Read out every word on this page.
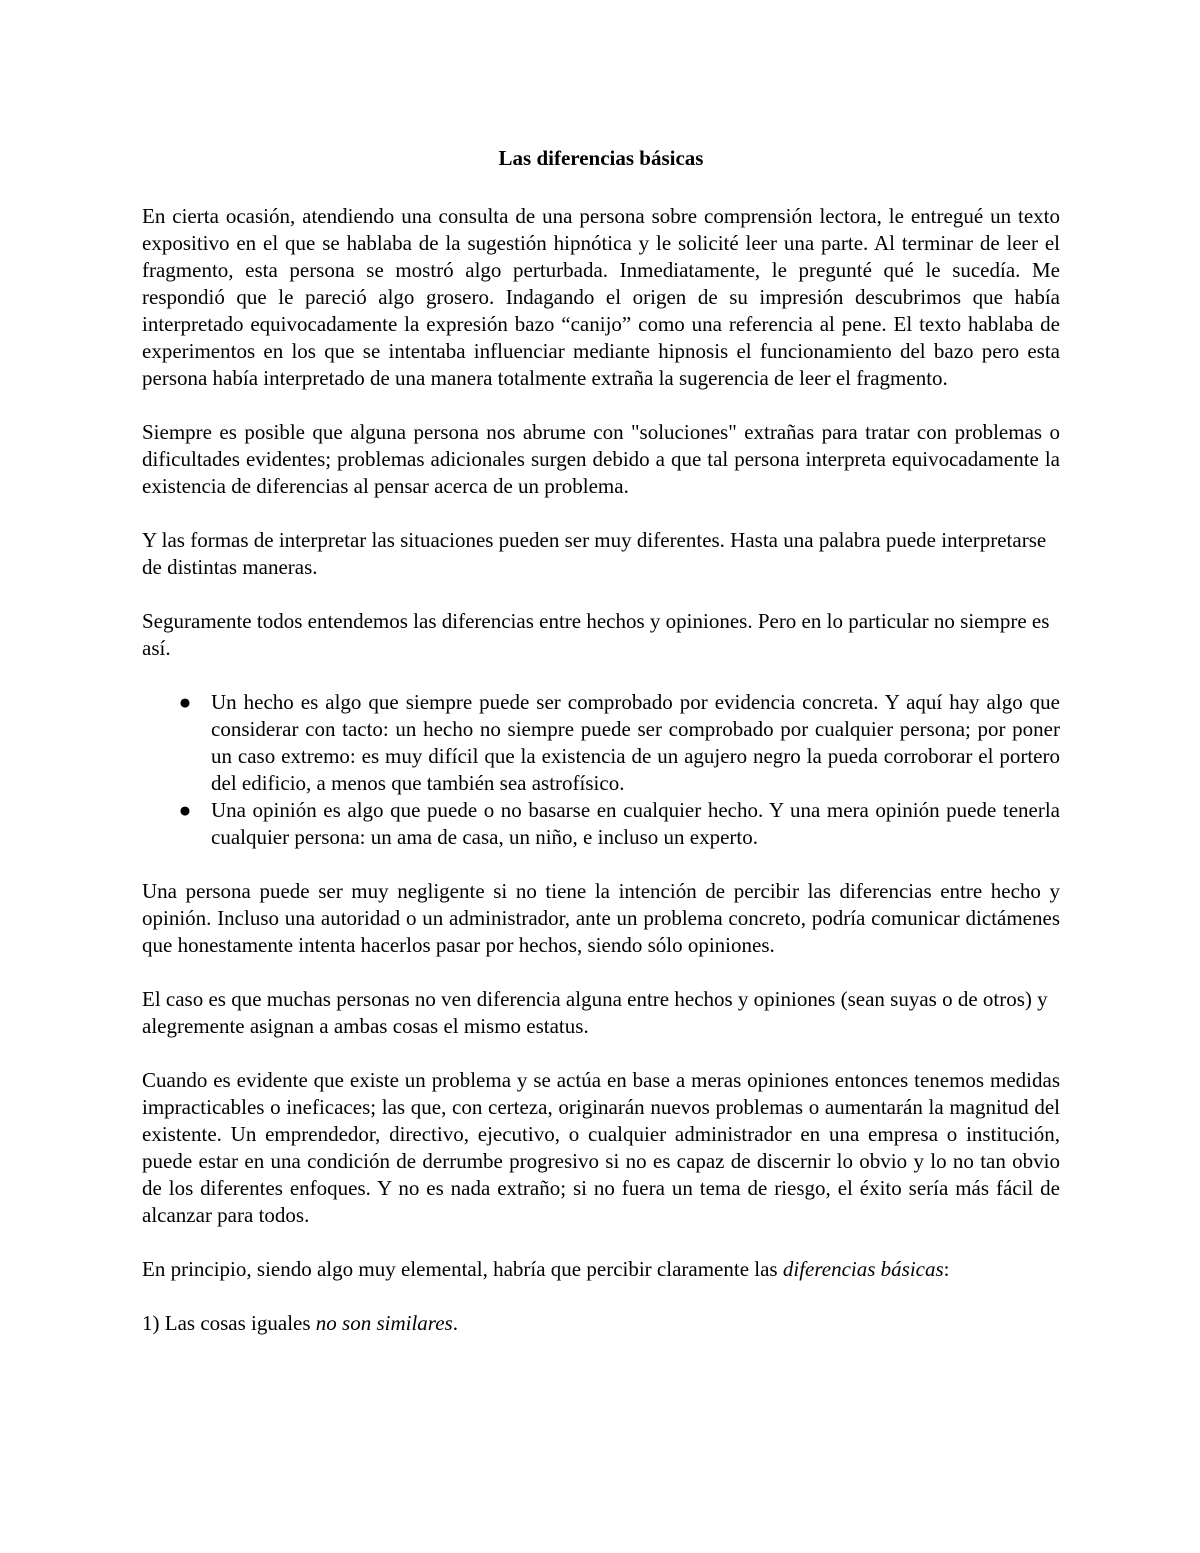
Las diferencias básicas

En cierta ocasión, atendiendo una consulta de una persona sobre comprensión lectora, le entregué un texto expositivo en el que se hablaba de la sugestión hipnótica y le solicité leer una parte. Al terminar de leer el fragmento, esta persona se mostró algo perturbada. Inmediatamente, le pregunté qué le sucedía. Me respondió que le pareció algo grosero. Indagando el origen de su impresión descubrimos que había interpretado equivocadamente la expresión bazo “canijo” como una referencia al pene. El texto hablaba de experimentos en los que se intentaba influenciar mediante hipnosis el funcionamiento del bazo pero esta persona había interpretado de una manera totalmente extraña la sugerencia de leer el fragmento.

Siempre es posible que alguna persona nos abrume con "soluciones" extrañas para tratar con problemas o dificultades evidentes; problemas adicionales surgen debido a que tal persona interpreta equivocadamente la existencia de diferencias al pensar acerca de un problema.

Y las formas de interpretar las situaciones pueden ser muy diferentes. Hasta una palabra puede interpretarse de distintas maneras.

Seguramente todos entendemos las diferencias entre hechos y opiniones. Pero en lo particular no siempre es así.

● Un hecho es algo que siempre puede ser comprobado por evidencia concreta. Y aquí hay algo que considerar con tacto: un hecho no siempre puede ser comprobado por cualquier persona; por poner un caso extremo: es muy difícil que la existencia de un agujero negro la pueda corroborar el portero del edificio, a menos que también sea astrofísico.
● Una opinión es algo que puede o no basarse en cualquier hecho. Y una mera opinión puede tenerla cualquier persona: un ama de casa, un niño, e incluso un experto.

Una persona puede ser muy negligente si no tiene la intención de percibir las diferencias entre hecho y opinión. Incluso una autoridad o un administrador, ante un problema concreto, podría comunicar dictámenes que honestamente intenta hacerlos pasar por hechos, siendo sólo opiniones.

El caso es que muchas personas no ven diferencia alguna entre hechos y opiniones (sean suyas o de otros) y alegremente asignan a ambas cosas el mismo estatus.

Cuando es evidente que existe un problema y se actúa en base a meras opiniones entonces tenemos medidas impracticables o ineficaces; las que, con certeza, originarán nuevos problemas o aumentarán la magnitud del existente. Un emprendedor, directivo, ejecutivo, o cualquier administrador en una empresa o institución, puede estar en una condición de derrumbe progresivo si no es capaz de discernir lo obvio y lo no tan obvio de los diferentes enfoques. Y no es nada extraño; si no fuera un tema de riesgo, el éxito sería más fácil de alcanzar para todos.

En principio, siendo algo muy elemental, habría que percibir claramente las diferencias básicas:

1) Las cosas iguales no son similares.
